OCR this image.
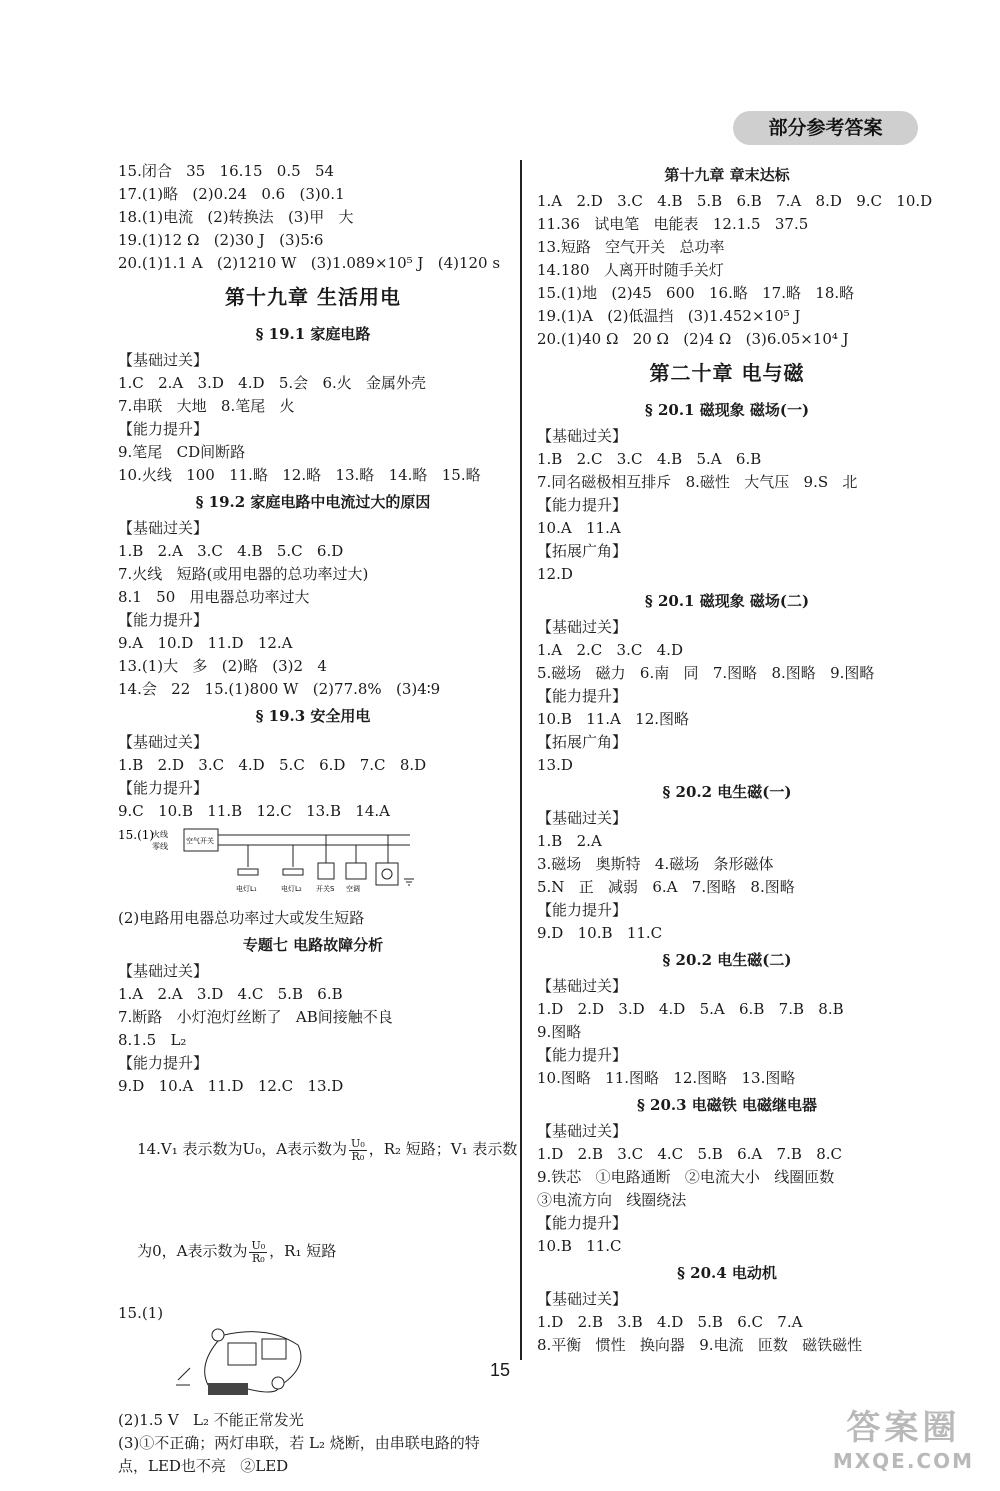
部分参考答案
15.闭合   35   16.15   0.5   54
17.(1)略   (2)0.24   0.6   (3)0.1
18.(1)电流   (2)转换法   (3)甲   大
19.(1)12 Ω   (2)30 J   (3)5∶6
20.(1)1.1 A   (2)1210 W   (3)1.089×10⁵ J   (4)120 s
第十九章 生活用电
§ 19.1 家庭电路
【基础过关】
1.C   2.A   3.D   4.D   5.会   6.火   金属外壳
7.串联   大地   8.笔尾   火
【能力提升】
9.笔尾   CD间断路
10.火线   100   11.略   12.略   13.略   14.略   15.略
§ 19.2 家庭电路中电流过大的原因
【基础过关】
1.B   2.A   3.C   4.B   5.C   6.D
7.火线   短路(或用电器的总功率过大)
8.1   50   用电器总功率过大
【能力提升】
9.A   10.D   11.D   12.A
13.(1)大   多   (2)略   (3)2   4
14.会   22   15.(1)800 W   (2)77.8%   (3)4∶9
§ 19.3 安全用电
【基础过关】
1.B   2.D   3.C   4.D   5.C   6.D   7.C   8.D
【能力提升】
9.C   10.B   11.B   12.C   13.B   14.A
15.(1)
火线
零线
空气开关
电灯L₁	电灯L₂ 开关S 空调
(2)电路用电器总功率过大或发生短路
专题七 电路故障分析
【基础过关】
1.A   2.A   3.D   4.C   5.B   6.B
7.断路   小灯泡灯丝断了   AB间接触不良
8.1.5   L₂
【能力提升】
9.D   10.A   11.D   12.C   13.D

14.V₁ 表示数为U₀，A表示数为 $\frac{\text{U₀}}{\text{R₀}}$ ，R₂ 短路；V₁ 表示数

为0，A表示数为 $\frac{\text{U₀}}{\text{R₀}}$ ，R₁ 短路

15.(1)
(2)1.5 V   L₂ 不能正常发光
(3)①不正确；两灯串联，若 L₂ 烧断，由串联电路的特
点，LED也不亮   ②LED
第十九章 章末达标
1.A   2.D   3.C   4.B   5.B   6.B   7.A   8.D   9.C   10.D
11.36   试电笔   电能表   12.1.5   37.5
13.短路   空气开关   总功率
14.180   人离开时随手关灯
15.(1)地   (2)45   600   16.略   17.略   18.略
19.(1)A   (2)低温挡   (3)1.452×10⁵ J
20.(1)40 Ω   20 Ω   (2)4 Ω   (3)6.05×10⁴ J
第二十章 电与磁
§ 20.1 磁现象 磁场(一)
【基础过关】
1.B   2.C   3.C   4.B   5.A   6.B
7.同名磁极相互排斥   8.磁性   大气压   9.S   北
【能力提升】
10.A   11.A
【拓展广角】
12.D
§ 20.1 磁现象 磁场(二)
【基础过关】
1.A   2.C   3.C   4.D
5.磁场   磁力   6.南   同   7.图略   8.图略   9.图略
【能力提升】
10.B   11.A   12.图略
【拓展广角】
13.D
§ 20.2 电生磁(一)
【基础过关】
1.B   2.A
3.磁场   奥斯特   4.磁场   条形磁体
5.N   正   减弱   6.A   7.图略   8.图略
【能力提升】
9.D   10.B   11.C
§ 20.2 电生磁(二)
【基础过关】
1.D   2.D   3.D   4.D   5.A   6.B   7.B   8.B
9.图略
【能力提升】
10.图略   11.图略   12.图略   13.图略
§ 20.3 电磁铁 电磁继电器
【基础过关】
1.D   2.B   3.C   4.C   5.B   6.A   7.B   8.C
9.铁芯   ①电路通断   ②电流大小   线圈匝数
③电流方向   线圈绕法
【能力提升】
10.B   11.C
§ 20.4 电动机
【基础过关】
1.D   2.B   3.B   4.D   5.B   6.C   7.A
8.平衡   惯性   换向器   9.电流   匝数   磁铁磁性
15
答案圈
MXQE.COM
